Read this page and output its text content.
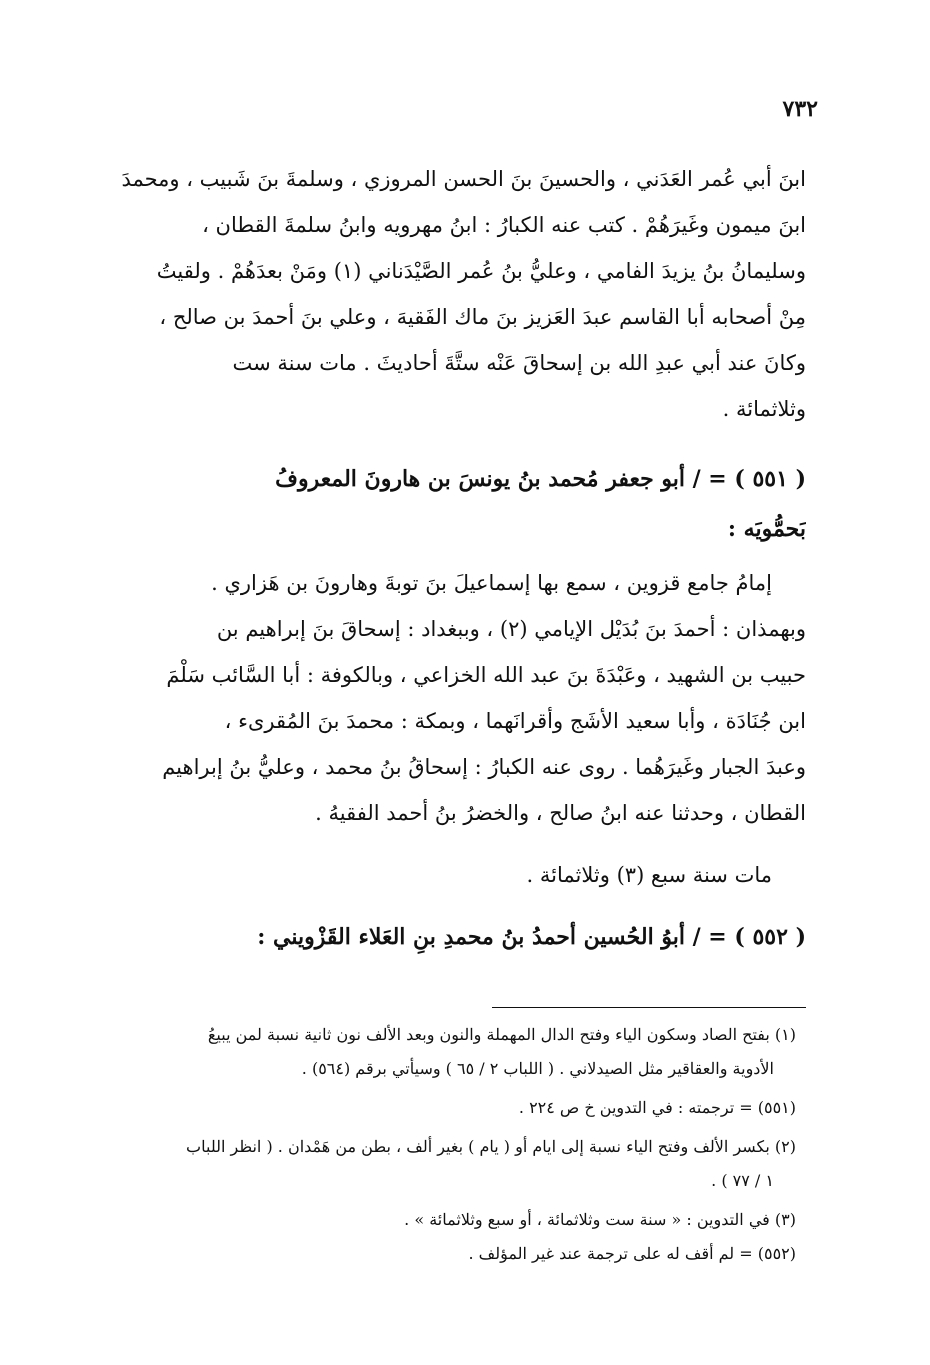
٧٣٢
ابنَ أبي عُمر العَدَني ، والحسينَ بنَ الحسن المروزي ، وسلمةَ بنَ شَبيب ، ومحمدَ
ابنَ ميمون وغَيرَهُمْ . كتب عنه الكبارُ : ابنُ مهرويه وابنُ سلمةَ القطان ،
وسليمانُ بنُ يزيدَ الفامي ، وعليُّ بنُ عُمر الصَّيْدَناني (١) ومَنْ بعدَهُمْ . ولقيتُ
مِنْ أصحابه أبا القاسم عبدَ العَزيز بنَ ماك الفَقيهَ ، وعلي بنَ أحمدَ بن صالح ،
وكانَ عند أبي عبدِ الله بن إسحاقَ عَنْه ستَّةَ أحاديثَ . مات سنة ست
وثلاثمائة .
( ٥٥١ ) = / أبو جعفر مُحمد بنُ يونسَ بن هارونَ المعروفُ
بَحمُّويَه :
إمامُ جامع قزوين ، سمع بها إسماعيلَ بنَ توبةَ وهارونَ بن هَزاري .
وبهمذان : أحمدَ بنَ بُدَيْل الإيامي (٢) ، وببغداد : إسحاقَ بنَ إبراهيم بن
حبيب بن الشهيد ، وعَبْدَةَ بنَ عبد الله الخزاعي ، وبالكوفة : أبا السَّائب سَلْمَ
ابن جُنَادَة ، وأبا سعيد الأشَج وأقرانَهما ، وبمكة : محمدَ بنَ المُقرىء ،
وعبدَ الجبار وغَيرَهُما . روى عنه الكبارُ : إسحاقُ بنُ محمد ، وعليُّ بنُ إبراهيم
القطان ، وحدثنا عنه ابنُ صالح ، والخضرُ بنُ أحمد الفقيهُ .
مات سنة سبع (٣) وثلاثمائة .
( ٥٥٢ ) = / أبوُ الحُسين أحمدُ بنُ محمدِ بنِ العَلاء القَزْويني :
(١) بفتح الصاد وسكون الياء وفتح الدال المهملة والنون وبعد الألف نون ثانية نسبة لمن يبيعُ
الأدوية والعقاقير مثل الصيدلاني . ( اللباب ٢ / ٦٥ ) وسيأتي برقم (٥٦٤) .
(٥٥١) = ترجمته : في التدوين خ ص ٢٢٤ .
(٢) بكسر الألف وفتح الياء نسبة إلى ايام أو ( يام ) بغير ألف ، بطن من هَمْدان . ( انظر اللباب
١ / ٧٧ ) .
(٣) في التدوين : « سنة ست وثلاثمائة ، أو سبع وثلاثمائة » .
(٥٥٢) = لم أقف له على ترجمة عند غير المؤلف .
